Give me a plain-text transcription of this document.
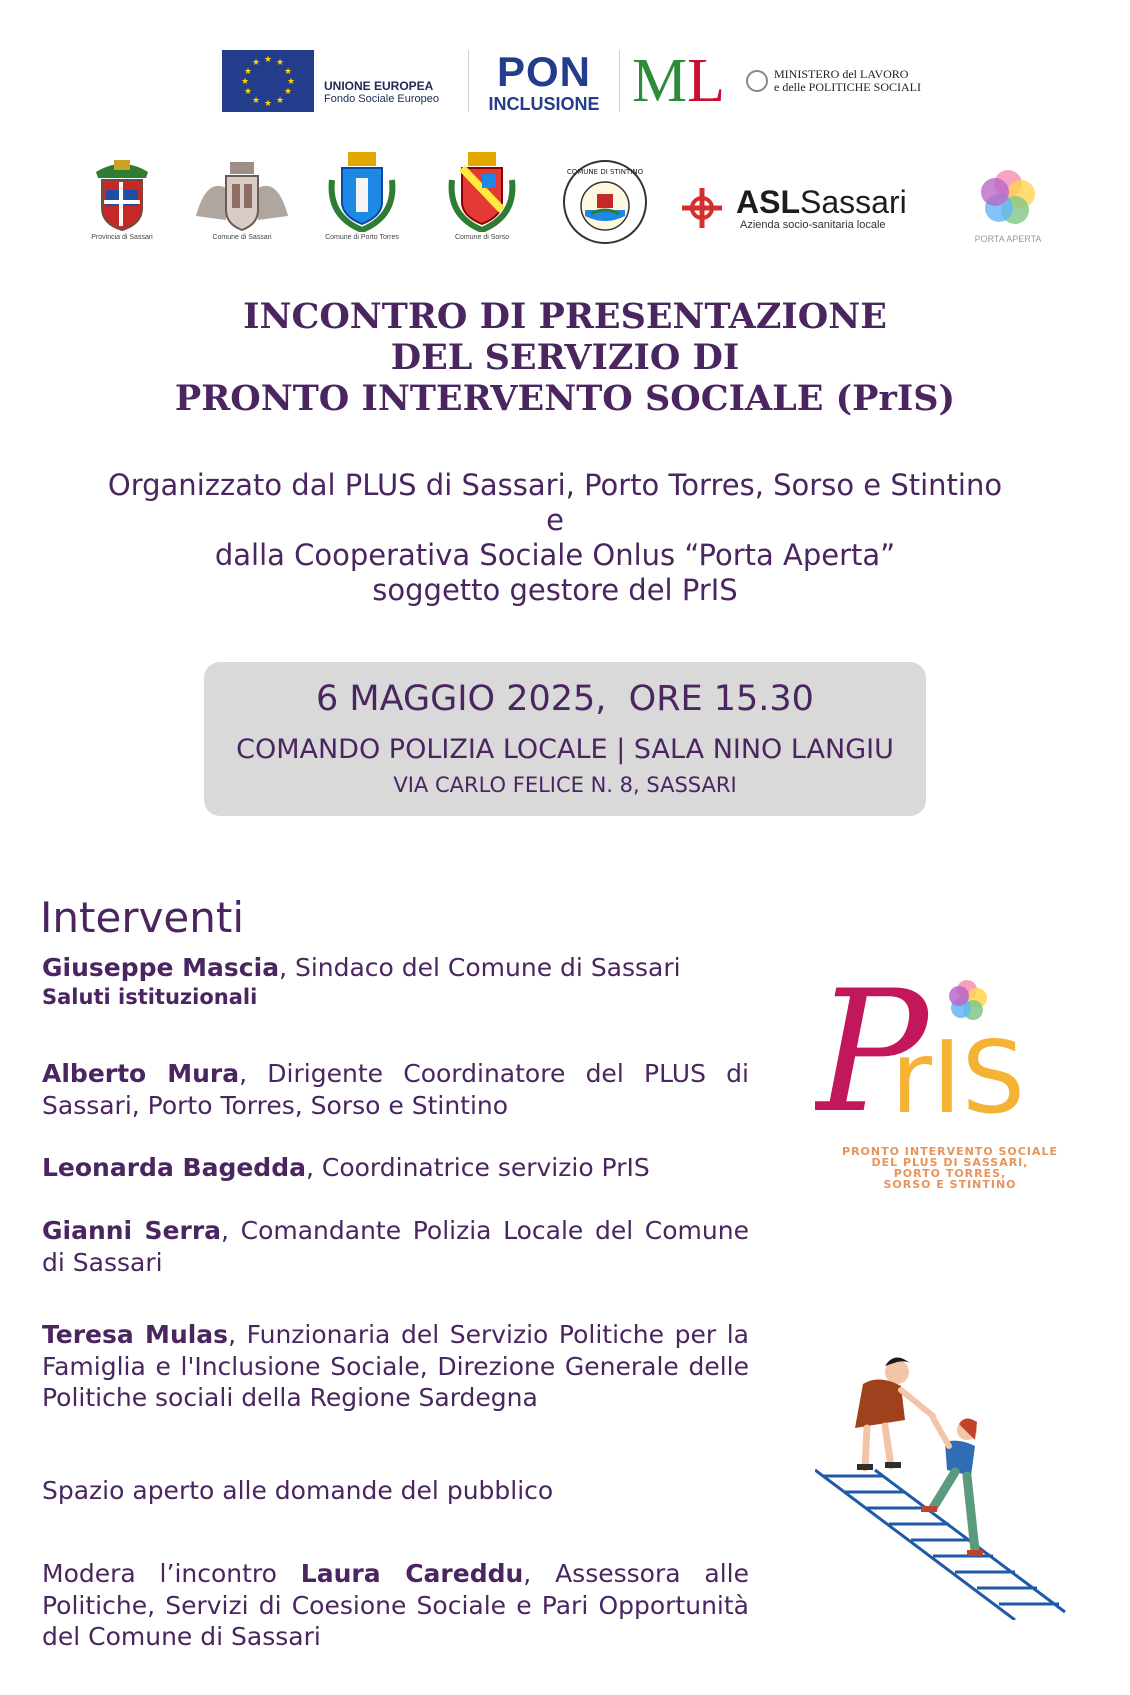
★ ★
★
★
★
★
★
★
★
★
★
★
UNIONE EUROPEA
Fondo Sociale Europeo
PON
INCLUSIONE ML	MINISTERO del LAVORO
e delle POLITICHE SOCIALI
Provincia di Sassari	Comune di Sassari	Comune di Porto Torres	Comune di Sorso
COMUNE DI STINTINO
ASLSassari
Azienda socio-sanitaria locale
PORTA APERTA
INCONTRO DI PRESENTAZIONE
DEL SERVIZIO DI
PRONTO INTERVENTO SOCIALE (PrIS)
Organizzato dal PLUS di Sassari, Porto Torres, Sorso e Stintino
e
dalla Cooperativa Sociale Onlus “Porta Aperta”
soggetto gestore del PrIS
6 MAGGIO 2025,  ORE 15.30
COMANDO POLIZIA LOCALE | SALA NINO LANGIU
VIA CARLO FELICE N. 8, SASSARI
Interventi
Giuseppe Mascia, Sindaco del Comune di Sassari
Saluti istituzionali
Alberto Mura, Dirigente Coordinatore del PLUS di Sassari, Porto Torres, Sorso e Stintino
Leonarda Bagedda, Coordinatrice servizio PrIS
Gianni Serra, Comandante Polizia Locale del Comune di Sassari
Teresa Mulas, Funzionaria del Servizio Politiche per la Famiglia e l'Inclusione Sociale, Direzione Generale delle Politiche sociali della Regione Sardegna
Spazio aperto alle domande del pubblico
Modera l’incontro Laura Careddu, Assessora alle Politiche, Servizi di Coesione Sociale e Pari Opportunità del Comune di Sassari
P
rIS
PRONTO INTERVENTO SOCIALE
DEL PLUS DI SASSARI,
PORTO TORRES,
SORSO E STINTINO
